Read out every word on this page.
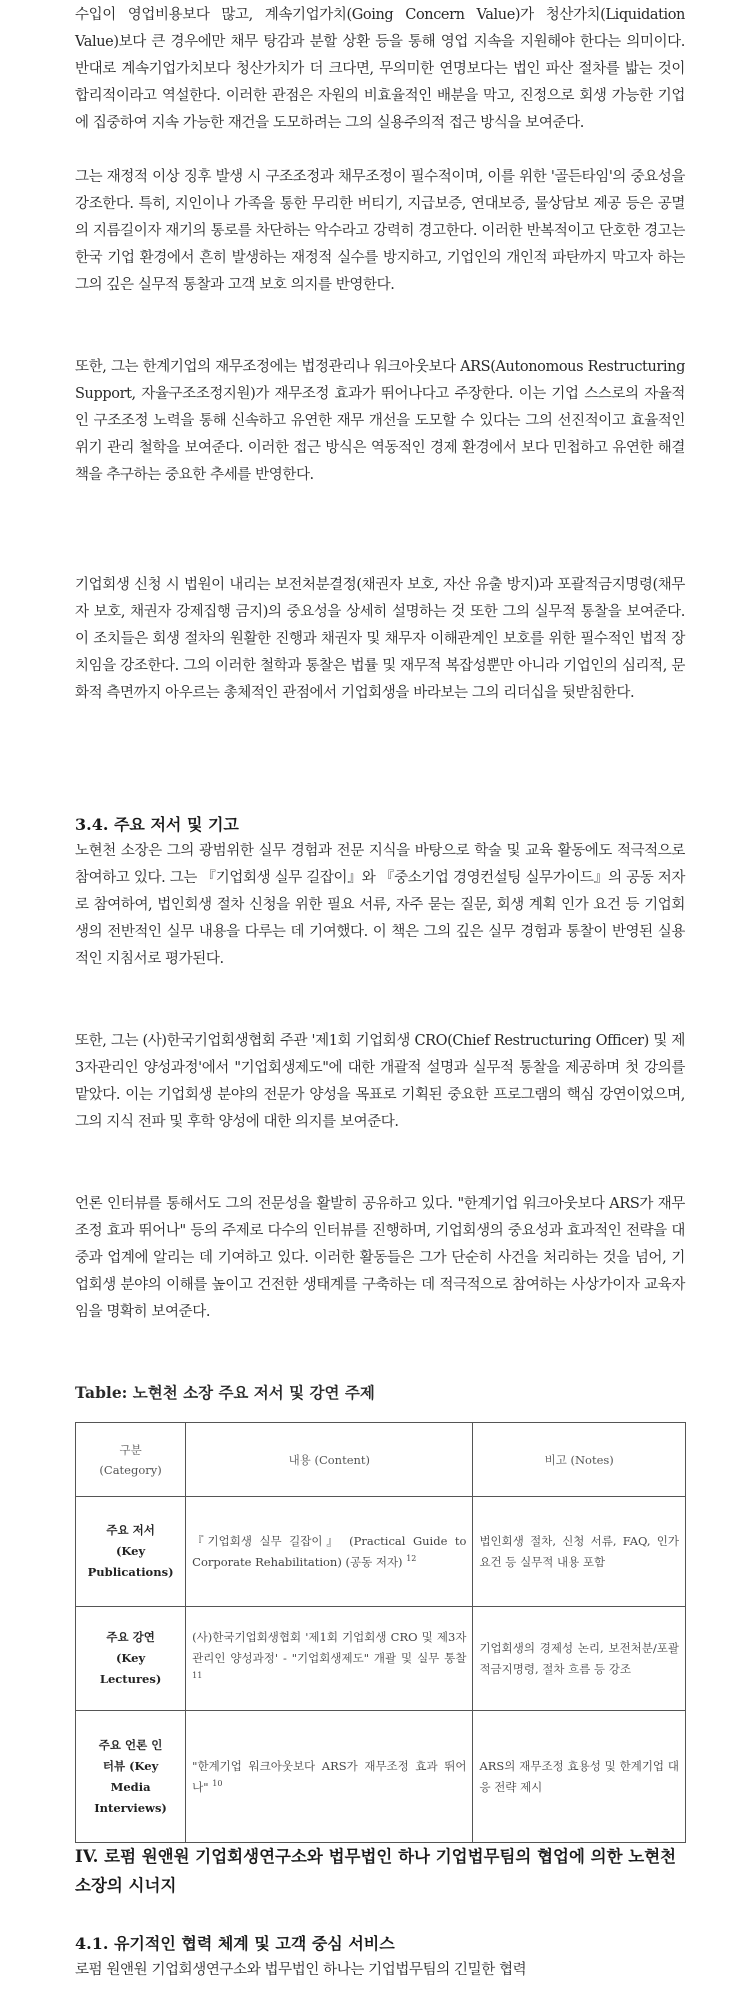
수입이 영업비용보다 많고, 계속기업가치(Going Concern Value)가 청산가치(Liquidation Value)보다 큰 경우에만 채무 탕감과 분할 상환 등을 통해 영업 지속을 지원해야 한다는 의미이다. 반대로 계속기업가치보다 청산가치가 더 크다면, 무의미한 연명보다는 법인 파산 절차를 밟는 것이 합리적이라고 역설한다. 이러한 관점은 자원의 비효율적인 배분을 막고, 진정으로 회생 가능한 기업에 집중하여 지속 가능한 재건을 도모하려는 그의 실용주의적 접근 방식을 보여준다.

그는 재정적 이상 징후 발생 시 구조조정과 채무조정이 필수적이며, 이를 위한 '골든타임'의 중요성을 강조한다. 특히, 지인이나 가족을 통한 무리한 버티기, 지급보증, 연대보증, 물상담보 제공 등은 공멸의 지름길이자 재기의 통로를 차단하는 악수라고 강력히 경고한다. 이러한 반복적이고 단호한 경고는 한국 기업 환경에서 흔히 발생하는 재정적 실수를 방지하고, 기업인의 개인적 파탄까지 막고자 하는 그의 깊은 실무적 통찰과 고객 보호 의지를 반영한다.

또한, 그는 한계기업의 재무조정에는 법정관리나 워크아웃보다 ARS(Autonomous Restructuring Support, 자율구조조정지원)가 재무조정 효과가 뛰어나다고 주장한다. 이는 기업 스스로의 자율적인 구조조정 노력을 통해 신속하고 유연한 재무 개선을 도모할 수 있다는 그의 선진적이고 효율적인 위기 관리 철학을 보여준다. 이러한 접근 방식은 역동적인 경제 환경에서 보다 민첩하고 유연한 해결책을 추구하는 중요한 추세를 반영한다.

기업회생 신청 시 법원이 내리는 보전처분결정(채권자 보호, 자산 유출 방지)과 포괄적금지명령(채무자 보호, 채권자 강제집행 금지)의 중요성을 상세히 설명하는 것 또한 그의 실무적 통찰을 보여준다. 이 조치들은 회생 절차의 원활한 진행과 채권자 및 채무자 이해관계인 보호를 위한 필수적인 법적 장치임을 강조한다. 그의 이러한 철학과 통찰은 법률 및 재무적 복잡성뿐만 아니라 기업인의 심리적, 문화적 측면까지 아우르는 총체적인 관점에서 기업회생을 바라보는 그의 리더십을 뒷받침한다.

3.4. 주요 저서 및 기고

노현천 소장은 그의 광범위한 실무 경험과 전문 지식을 바탕으로 학술 및 교육 활동에도 적극적으로 참여하고 있다. 그는 『기업회생 실무 길잡이』와 『중소기업 경영컨설팅 실무가이드』의 공동 저자로 참여하여, 법인회생 절차 신청을 위한 필요 서류, 자주 묻는 질문, 회생 계획 인가 요건 등 기업회생의 전반적인 실무 내용을 다루는 데 기여했다. 이 책은 그의 깊은 실무 경험과 통찰이 반영된 실용적인 지침서로 평가된다.

또한, 그는 (사)한국기업회생협회 주관 '제1회 기업회생 CRO(Chief Restructuring Officer) 및 제3자관리인 양성과정'에서 "기업회생제도"에 대한 개괄적 설명과 실무적 통찰을 제공하며 첫 강의를 맡았다. 이는 기업회생 분야의 전문가 양성을 목표로 기획된 중요한 프로그램의 핵심 강연이었으며, 그의 지식 전파 및 후학 양성에 대한 의지를 보여준다.

언론 인터뷰를 통해서도 그의 전문성을 활발히 공유하고 있다. "한계기업 워크아웃보다 ARS가 재무조정 효과 뛰어나" 등의 주제로 다수의 인터뷰를 진행하며, 기업회생의 중요성과 효과적인 전략을 대중과 업계에 알리는 데 기여하고 있다. 이러한 활동들은 그가 단순히 사건을 처리하는 것을 넘어, 기업회생 분야의 이해를 높이고 건전한 생태계를 구축하는 데 적극적으로 참여하는 사상가이자 교육자임을 명확히 보여준다.

Table: 노현천 소장 주요 저서 및 강연 주제
구분
(Category)	내용 (Content)	비고 (Notes)
주요 저서
(Key
Publications)	『기업회생 실무 길잡이』 (Practical Guide to Corporate Rehabilitation) (공동 저자) $^{12}$	법인회생 절차, 신청 서류, FAQ, 인가 요건 등 실무적 내용 포함
주요 강연
(Key
Lectures)	(사)한국기업회생협회 '제1회 기업회생 CRO 및 제3자관리인 양성과정' - "기업회생제도" 개괄 및 실무 통찰 $^{11}$	기업회생의 경제성 논리, 보전처분/포괄적금지명령, 절차 흐름 등 강조
주요 언론 인
터뷰 (Key
Media
Interviews)	"한계기업 워크아웃보다 ARS가 재무조정 효과 뛰어나" $^{10}$	ARS의 재무조정 효용성 및 한계기업 대응 전략 제시
IV. 로펌 원앤원 기업회생연구소와 법무법인 하나 기업법무팀의 협업에 의한 노현천 소장의 시너지
4.1. 유기적인 협력 체계 및 고객 중심 서비스

로펌 원앤원 기업회생연구소와 법무법인 하나는 기업법무팀의 긴밀한 협력
